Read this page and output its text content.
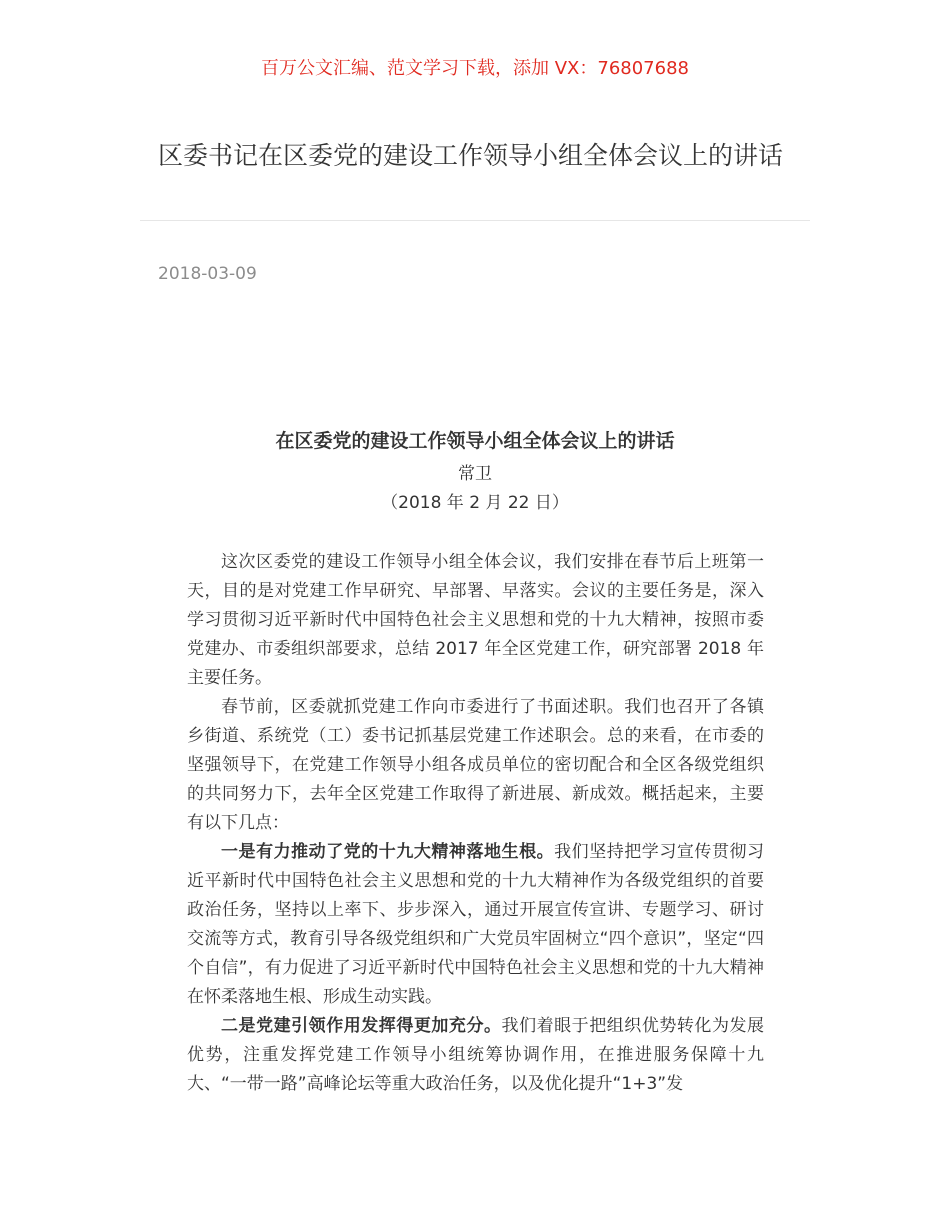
百万公文汇编、范文学习下载，添加 VX：76807688
区委书记在区委党的建设工作领导小组全体会议上的讲话
2018-03-09
在区委党的建设工作领导小组全体会议上的讲话
常卫
（2018 年 2 月 22 日）

这次区委党的建设工作领导小组全体会议，我们安排在春节后上班第一天，目的是对党建工作早研究、早部署、早落实。会议的主要任务是，深入学习贯彻习近平新时代中国特色社会主义思想和党的十九大精神，按照市委党建办、市委组织部要求，总结 2017 年全区党建工作，研究部署 2018 年主要任务。

春节前，区委就抓党建工作向市委进行了书面述职。我们也召开了各镇乡街道、系统党（工）委书记抓基层党建工作述职会。总的来看，在市委的坚强领导下，在党建工作领导小组各成员单位的密切配合和全区各级党组织的共同努力下，去年全区党建工作取得了新进展、新成效。概括起来，主要有以下几点：

一是有力推动了党的十九大精神落地生根。我们坚持把学习宣传贯彻习近平新时代中国特色社会主义思想和党的十九大精神作为各级党组织的首要政治任务，坚持以上率下、步步深入，通过开展宣传宣讲、专题学习、研讨交流等方式，教育引导各级党组织和广大党员牢固树立“四个意识”，坚定“四个自信”，有力促进了习近平新时代中国特色社会主义思想和党的十九大精神在怀柔落地生根、形成生动实践。

二是党建引领作用发挥得更加充分。我们着眼于把组织优势转化为发展优势，注重发挥党建工作领导小组统筹协调作用，在推进服务保障十九大、“一带一路”高峰论坛等重大政治任务，以及优化提升“1+3”发
